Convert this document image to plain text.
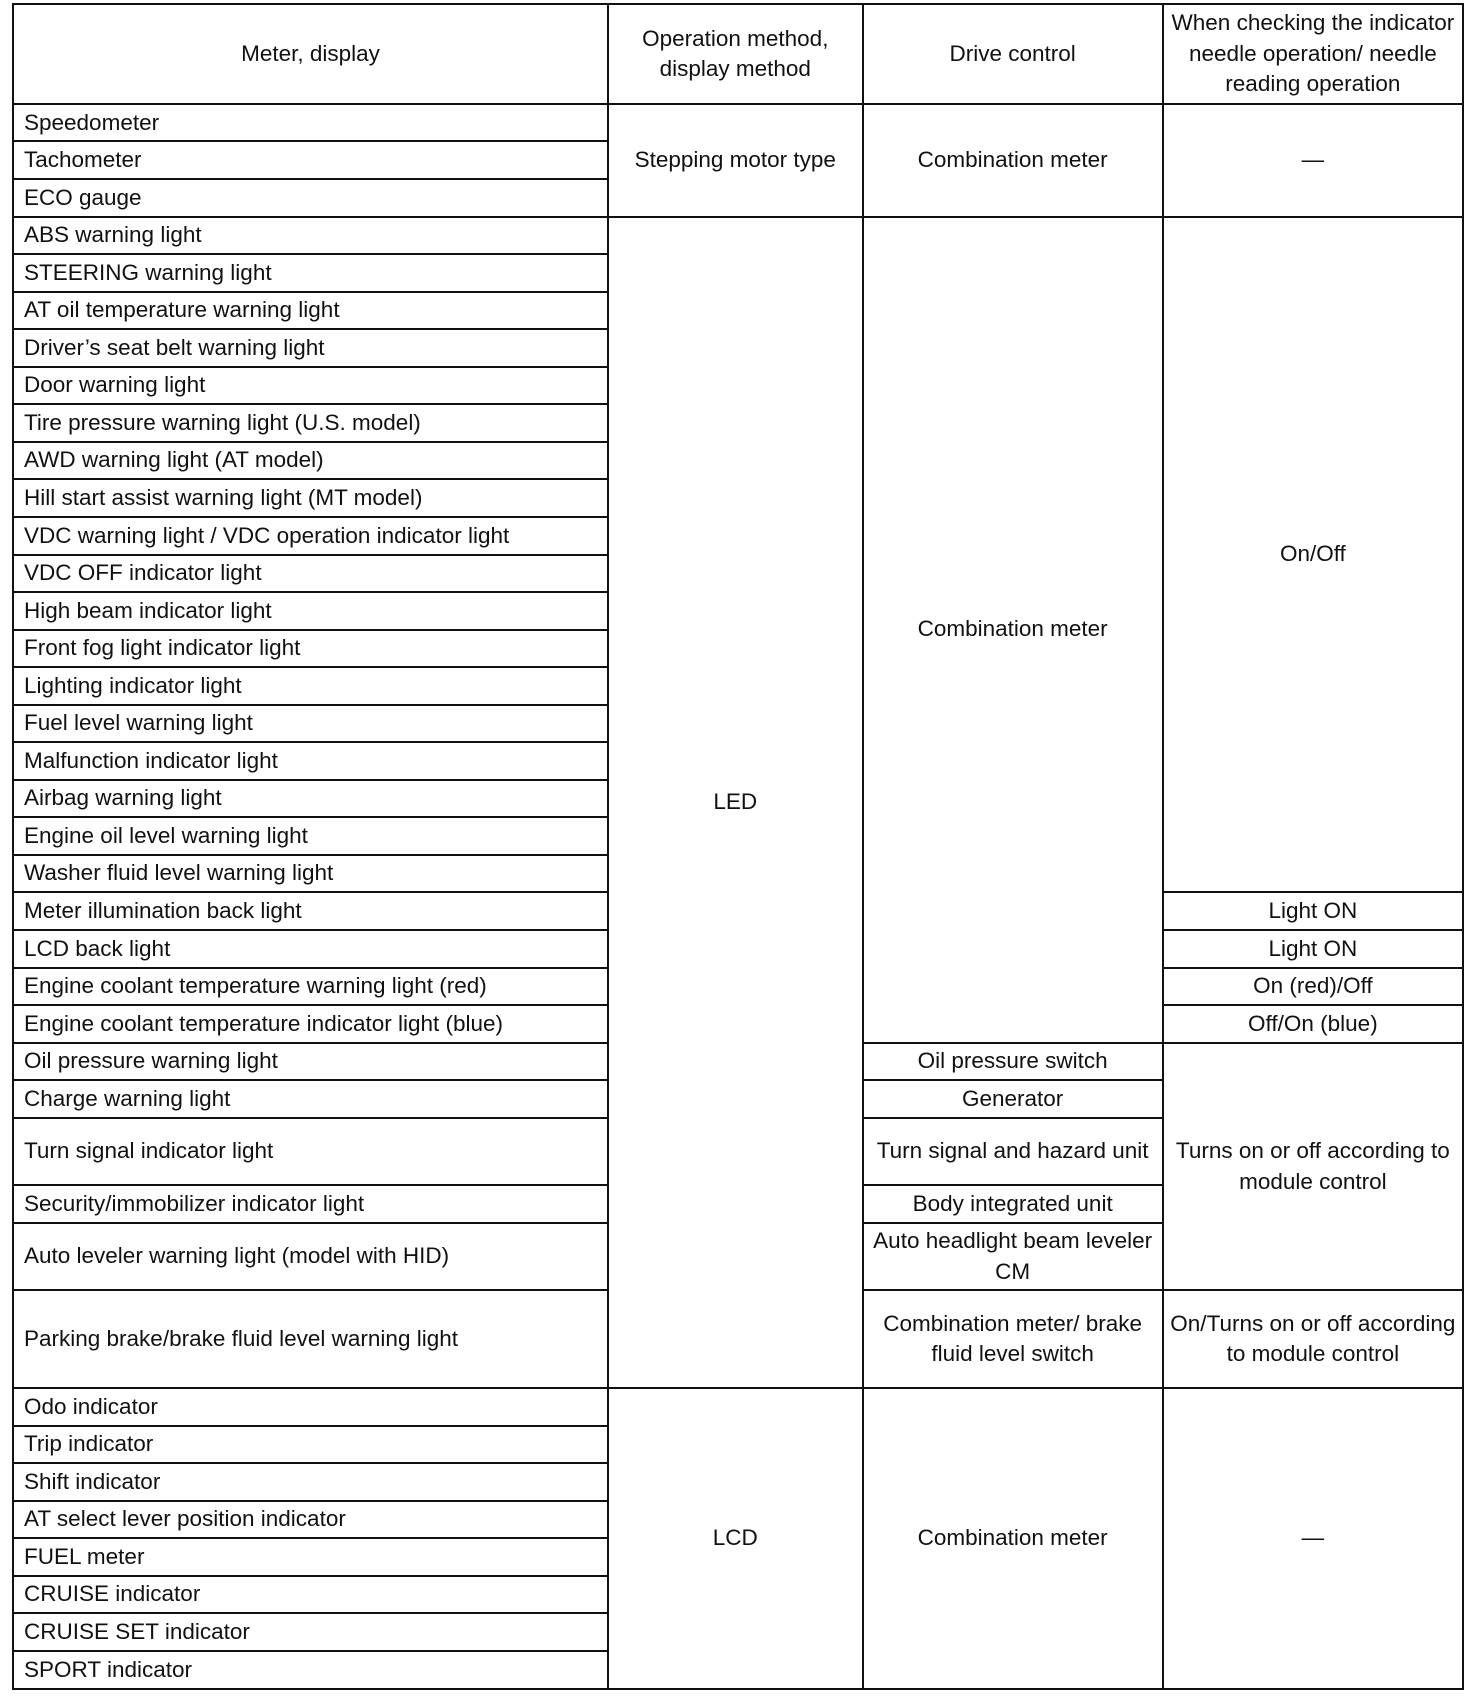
Meter, display	Operation method, display method	Drive control	When checking the indicator needle operation/ needle reading operation
Speedometer	Stepping motor type	Combination meter	—
Tachometer			
ECO gauge			
ABS warning light	LED	Combination meter	On/Off
STEERING warning light			
AT oil temperature warning light			
Driver’s seat belt warning light			
Door warning light			
Tire pressure warning light (U.S. model)			
AWD warning light (AT model)			
Hill start assist warning light (MT model)			
VDC warning light / VDC operation indicator light			
VDC OFF indicator light			
High beam indicator light			
Front fog light indicator light			
Lighting indicator light			
Fuel level warning light			
Malfunction indicator light			
Airbag warning light			
Engine oil level warning light			
Washer fluid level warning light			
Meter illumination back light			Light ON
LCD back light			Light ON
Engine coolant temperature warning light (red)			On (red)/Off
Engine coolant temperature indicator light (blue)			Off/On (blue)
Oil pressure warning light		Oil pressure switch	Turns on or off according to module control
Charge warning light		Generator	
Turn signal indicator light		Turn signal and hazard unit	
Security/immobilizer indicator light		Body integrated unit	
Auto leveler warning light (model with HID)		Auto headlight beam leveler CM	
Parking brake/brake fluid level warning light		Combination meter/ brake fluid level switch	On/Turns on or off according to module control
Odo indicator	LCD	Combination meter	—
Trip indicator			
Shift indicator			
AT select lever position indicator			
FUEL meter			
CRUISE indicator			
CRUISE SET indicator			
SPORT indicator			
